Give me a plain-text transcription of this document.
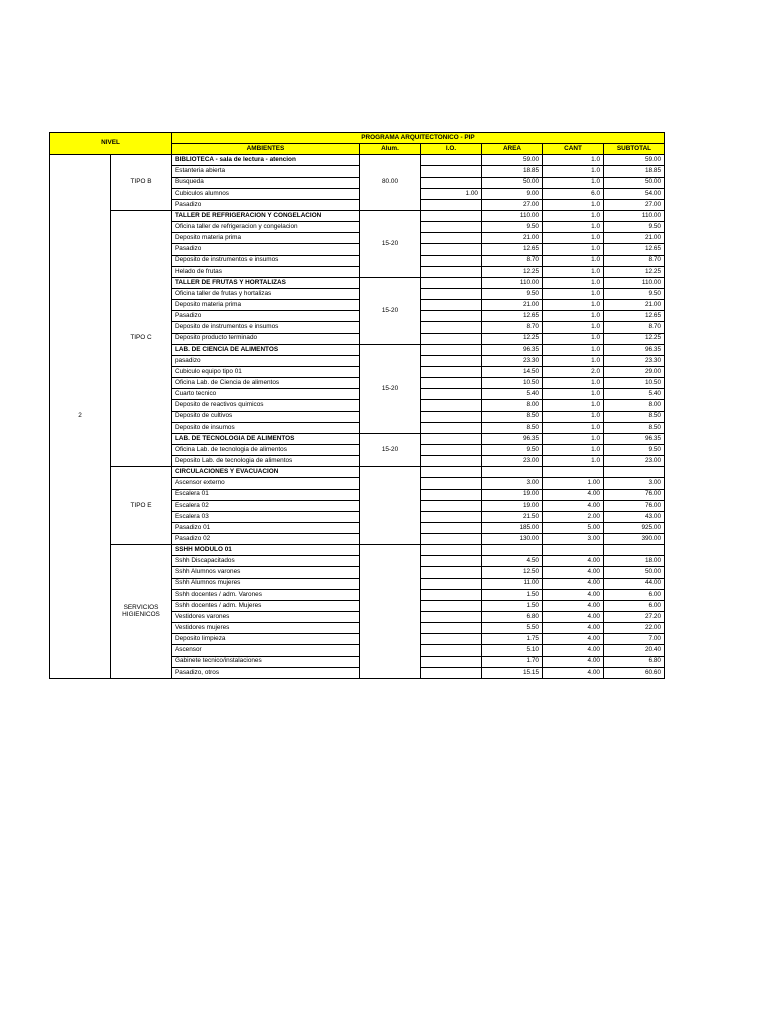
NIVEL		PROGRAMA ARQUITECTONICO - PIP					
		AMBIENTES	Alum.	I.O.	AREA	CANT	SUBTOTAL
2	TIPO B	BIBLIOTECA - sala de lectura - atencion	80.00		59.00	1.0	59.00
		Estanteria abierta			18.85	1.0	18.85
		Busqueda			50.00	1.0	50.00
		Cubiculos alumnos		1.00	9.00	6.0	54.00
		Pasadizo			27.00	1.0	27.00
	TIPO C	TALLER DE REFRIGERACION Y CONGELACION	15-20		110.00	1.0	110.00
		Oficina taller de refrigeracion y congelacion			9.50	1.0	9.50
		Deposito materia prima			21.00	1.0	21.00
		Pasadizo			12.65	1.0	12.65
		Deposito de instrumentos e insumos			8.70	1.0	8.70
		Helado de frutas			12.25	1.0	12.25
		TALLER DE FRUTAS Y HORTALIZAS	15-20		110.00	1.0	110.00
		Oficina taller de frutas y hortalizas			9.50	1.0	9.50
		Deposito materia prima			21.00	1.0	21.00
		Pasadizo			12.65	1.0	12.65
		Deposito de instrumentos e insumos			8.70	1.0	8.70
		Deposito producto terminado			12.25	1.0	12.25
		LAB. DE CIENCIA DE ALIMENTOS	15-20		96.35	1.0	96.35
		pasadizo			23.30	1.0	23.30
		Cubiculo equipo tipo 01			14.50	2.0	29.00
		Oficina Lab. de Ciencia de alimentos			10.50	1.0	10.50
		Cuarto tecnico			5.40	1.0	5.40
		Deposito de reactivos quimicos			8.00	1.0	8.00
		Deposito de cultivos			8.50	1.0	8.50
		Deposito de insumos			8.50	1.0	8.50
		LAB. DE TECNOLOGIA DE ALIMENTOS	15-20		96.35	1.0	96.35
		Oficina Lab. de tecnologia de alimentos			9.50	1.0	9.50
		Deposito Lab. de tecnologia de alimentos			23.00	1.0	23.00
	TIPO E	CIRCULACIONES Y EVACUACION					
		Ascensor externo			3.00	1.00	3.00
		Escalera 01			19.00	4.00	76.00
		Escalera 02			19.00	4.00	76.00
		Escalera 03			21.50	2.00	43.00
		Pasadizo 01			185.00	5.00	925.00
		Pasadizo 02			130.00	3.00	390.00
	SERVICIOS HIGIENICOS	SSHH MODULO 01					
		Sshh Discapacitados			4.50	4.00	18.00
		Sshh Alumnos varones			12.50	4.00	50.00
		Sshh Alumnos mujeres			11.00	4.00	44.00
		Sshh docentes / adm. Varones			1.50	4.00	6.00
		Sshh docentes / adm. Mujeres			1.50	4.00	6.00
		Vestidores varones			6.80	4.00	27.20
		Vestidores mujeres			5.50	4.00	22.00
		Deposito limpieza			1.75	4.00	7.00
		Ascensor			5.10	4.00	20.40
		Gabinete tecnico/instalaciones			1.70	4.00	6.80
		Pasadizo, otros			15.15	4.00	60.60
